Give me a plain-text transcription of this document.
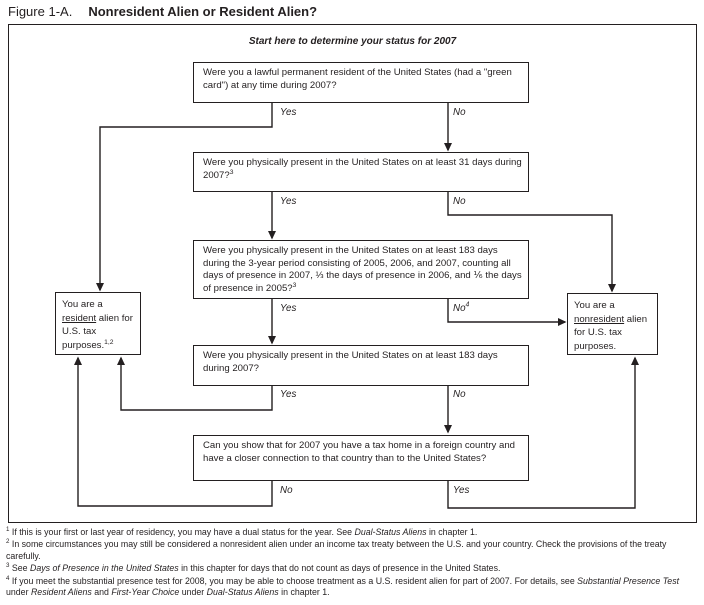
Figure 1-A. Nonresident Alien or Resident Alien?
Start here to determine your status for 2007
Were you a lawful permanent resident of the United States (had a "green card") at any time during 2007?
Were you physically present in the United States on at least 31 days during 2007?$^3$
Were you physically present in the United States on at least 183 days during the 3-year period consisting of 2005, 2006, and 2007, counting all days of presence in 2007, ⅓ the days of presence in 2006, and ⅙ the days of presence in 2005?$^3$
Were you physically present in the United States on at least 183 days during 2007?
Can you show that for 2007 you have a tax home in a foreign country and have a closer connection to that country than to the United States?
Yes	No
Yes	No
Yes	No$^4$
Yes	No
No	Yes
You are a resident alien for U.S. tax purposes.$^{1,2}$
You are a nonresident alien for U.S. tax purposes.
$^1$ If this is your first or last year of residency, you may have a dual status for the year. See Dual-Status Aliens in chapter 1.
$^2$ In some circumstances you may still be considered a nonresident alien under an income tax treaty between the U.S. and your country. Check the provisions of the treaty carefully.
$^3$ See Days of Presence in the United States in this chapter for days that do not count as days of presence in the United States.
$^4$ If you meet the substantial presence test for 2008, you may be able to choose treatment as a U.S. resident alien for part of 2007. For details, see Substantial Presence Test under Resident Aliens and First-Year Choice under Dual-Status Aliens in chapter 1.
